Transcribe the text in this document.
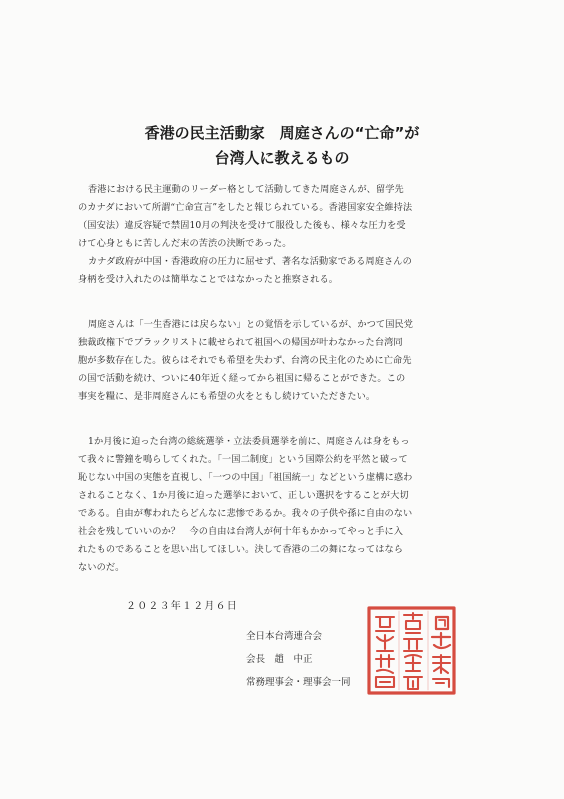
香港の民主活動家　周庭さんの“亡命”が
台湾人に教えるもの
香港における民主運動のリーダー格として活動してきた周庭さんが、留学先
のカナダにおいて所謂“亡命宣言”をしたと報じられている。香港国家安全維持法
（国安法）違反容疑で禁固10月の判決を受けて服役した後も、様々な圧力を受
けて心身ともに苦しんだ末の苦渋の決断であった。
カナダ政府が中国・香港政府の圧力に屈せず、著名な活動家である周庭さんの
身柄を受け入れたのは簡単なことではなかったと推察される。
周庭さんは「一生香港には戻らない」との覚悟を示しているが、かつて国民党
独裁政権下でブラックリストに載せられて祖国への帰国が叶わなかった台湾同
胞が多数存在した。彼らはそれでも希望を失わず、台湾の民主化のために亡命先
の国で活動を続け、ついに40年近く経ってから祖国に帰ることができた。この
事実を糧に、是非周庭さんにも希望の火をともし続けていただきたい。
1か月後に迫った台湾の総統選挙・立法委員選挙を前に、周庭さんは身をもっ
て我々に警鐘を鳴らしてくれた。「一国二制度」という国際公約を平然と破って
恥じない中国の実態を直視し、「一つの中国」「祖国統一」などという虚構に惑わ
されることなく、1か月後に迫った選挙において、正しい選択をすることが大切
である。自由が奪われたらどんなに悲惨であるか。我々の子供や孫に自由のない
社会を残していいのか？　今の自由は台湾人が何十年もかかってやっと手に入
れたものであることを思い出してほしい。決して香港の二の舞になってはなら
ないのだ。
２０２３年１２月６日
全日本台湾連合会
会長　趙　中正
常務理事会・理事会一同
